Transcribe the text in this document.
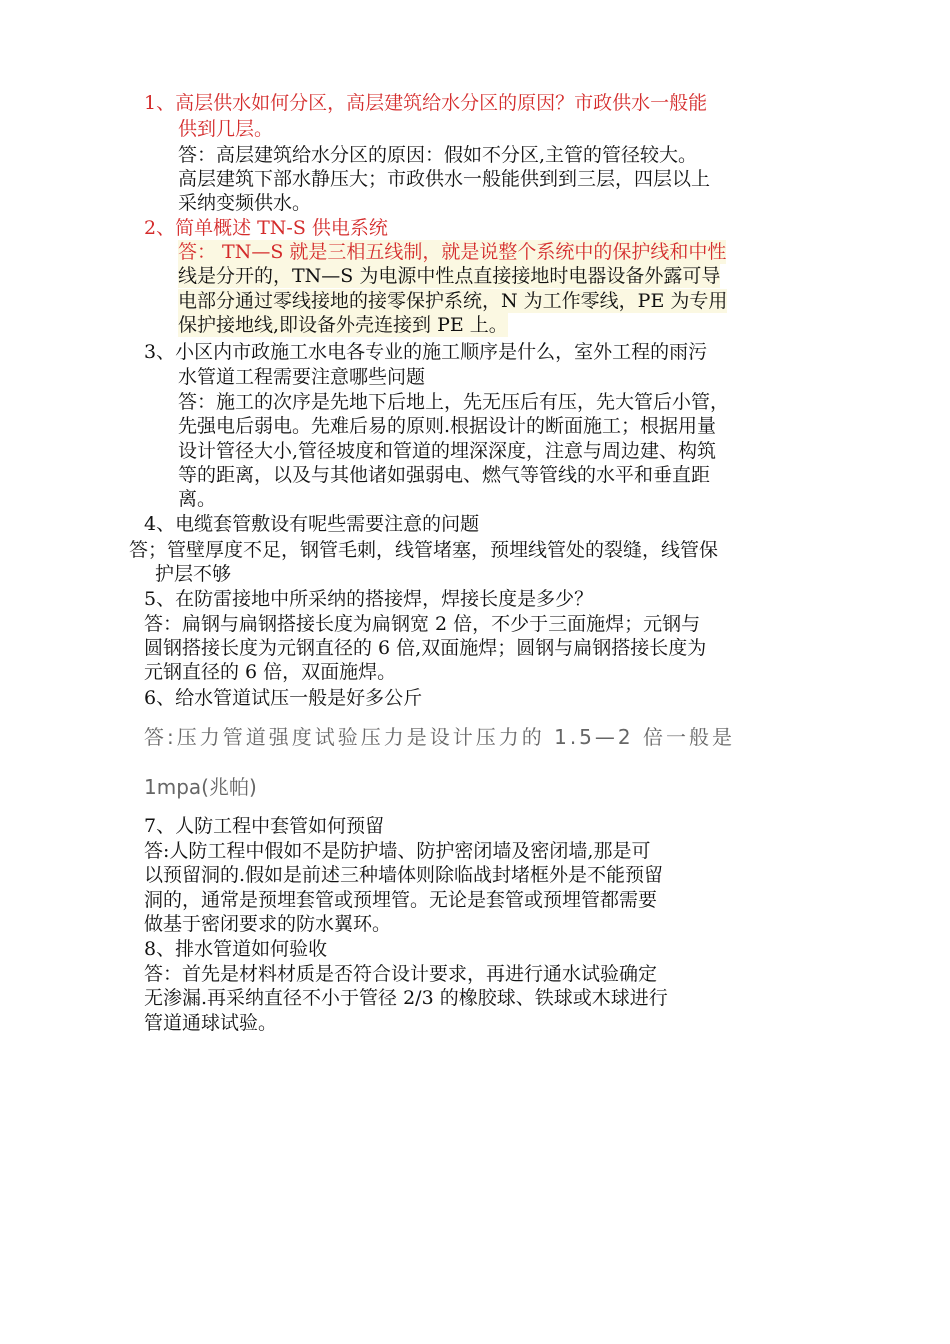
1、高层供水如何分区，高层建筑给水分区的原因？市政供水一般能
供到几层。
答：高层建筑给水分区的原因：假如不分区,主管的管径较大。
高层建筑下部水静压大；市政供水一般能供到到三层，四层以上
采纳变频供水。
2、简单概述 TN-S 供电系统
答： TN—S 就是三相五线制，就是说整个系统中的保护线和中性
线是分开的，TN—S 为电源中性点直接接地时电器设备外露可导
电部分通过零线接地的接零保护系统，N 为工作零线，PE 为专用
保护接地线,即设备外壳连接到 PE 上。
3、小区内市政施工水电各专业的施工顺序是什么，室外工程的雨污
水管道工程需要注意哪些问题
答：施工的次序是先地下后地上，先无压后有压，先大管后小管，
先强电后弱电。先难后易的原则.根据设计的断面施工；根据用量
设计管径大小,管径坡度和管道的埋深深度，注意与周边建、构筑
等的距离，以及与其他诸如强弱电、燃气等管线的水平和垂直距
离。
4、电缆套管敷设有呢些需要注意的问题
答；管壁厚度不足，钢管毛刺，线管堵塞，预埋线管处的裂缝，线管保
护层不够
5、在防雷接地中所采纳的搭接焊，焊接长度是多少？
答：扁钢与扁钢搭接长度为扁钢宽 2 倍，不少于三面施焊；元钢与
圆钢搭接长度为元钢直径的 6 倍,双面施焊；圆钢与扁钢搭接长度为
元钢直径的 6 倍，双面施焊。
6、给水管道试压一般是好多公斤
答:压力管道强度试验压力是设计压力的 1.5—2 倍一般是
1mpa(兆帕)
7、人防工程中套管如何预留
答:人防工程中假如不是防护墙、防护密闭墙及密闭墙,那是可
以预留洞的.假如是前述三种墙体则除临战封堵框外是不能预留
洞的，通常是预埋套管或预埋管。无论是套管或预埋管都需要
做基于密闭要求的防水翼环。
8、排水管道如何验收
答：首先是材料材质是否符合设计要求，再进行通水试验确定
无渗漏.再采纳直径不小于管径 2/3 的橡胶球、铁球或木球进行
管道通球试验。
